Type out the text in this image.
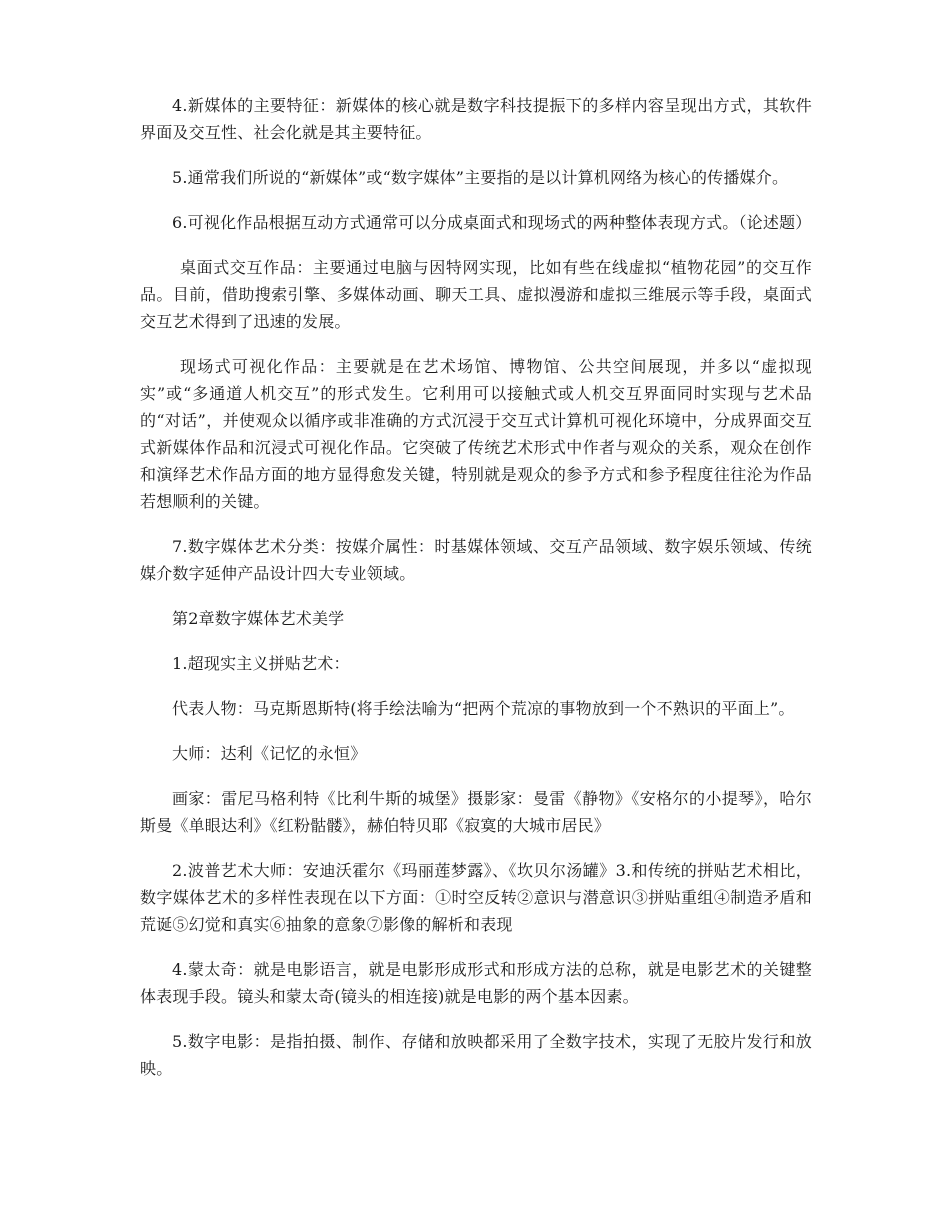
4.新媒体的主要特征：新媒体的核心就是数字科技提振下的多样内容呈现出方式，其软件界面及交互性、社会化就是其主要特征。

5.通常我们所说的“新媒体”或“数字媒体”主要指的是以计算机网络为核心的传播媒介。

6.可视化作品根据互动方式通常可以分成桌面式和现场式的两种整体表现方式。（论述题）

桌面式交互作品：主要通过电脑与因特网实现，比如有些在线虚拟“植物花园”的交互作品。目前，借助搜索引擎、多媒体动画、聊天工具、虚拟漫游和虚拟三维展示等手段，桌面式交互艺术得到了迅速的发展。

现场式可视化作品：主要就是在艺术场馆、博物馆、公共空间展现，并多以“虚拟现实”或“多通道人机交互”的形式发生。它利用可以接触式或人机交互界面同时实现与艺术品的“对话”，并使观众以循序或非准确的方式沉浸于交互式计算机可视化环境中，分成界面交互式新媒体作品和沉浸式可视化作品。它突破了传统艺术形式中作者与观众的关系，观众在创作和演绎艺术作品方面的地方显得愈发关键，特别就是观众的参予方式和参予程度往往沦为作品若想顺利的关键。

7.数字媒体艺术分类：按媒介属性：时基媒体领域、交互产品领域、数字娱乐领域、传统媒介数字延伸产品设计四大专业领域。

第2章数字媒体艺术美学

1.超现实主义拼贴艺术：

代表人物：马克斯恩斯特(将手绘法喻为“把两个荒凉的事物放到一个不熟识的平面上”。

大师：达利《记忆的永恒》

画家：雷尼马格利特《比利牛斯的城堡》摄影家：曼雷《静物》《安格尔的小提琴》，哈尔斯曼《单眼达利》《红粉骷髅》，赫伯特贝耶《寂寞的大城市居民》

2.波普艺术大师：安迪沃霍尔《玛丽莲梦露》、《坎贝尔汤罐》3.和传统的拼贴艺术相比，数字媒体艺术的多样性表现在以下方面：①时空反转②意识与潜意识③拼贴重组④制造矛盾和荒诞⑤幻觉和真实⑥抽象的意象⑦影像的解析和表现

4.蒙太奇：就是电影语言，就是电影形成形式和形成方法的总称，就是电影艺术的关键整体表现手段。镜头和蒙太奇(镜头的相连接)就是电影的两个基本因素。

5.数字电影：是指拍摄、制作、存储和放映都采用了全数字技术，实现了无胶片发行和放映。
